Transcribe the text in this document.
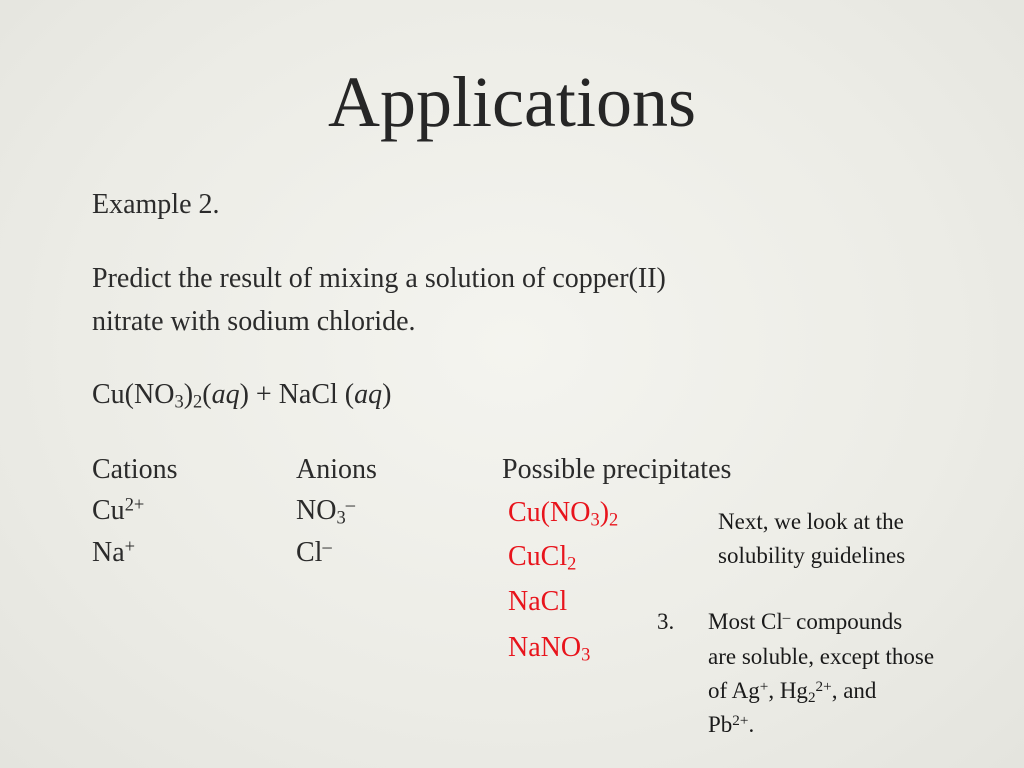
Applications
Example 2.
Predict the result of mixing a solution of copper(II)
nitrate with sodium chloride.
$Cu(NO_3)_2(aq)$ + NaCl (aq)
Cations	Anions	Possible precipitates
$Cu^{2+}$
Na+
$NO_3^-$
Cl–
$Cu(NO_3)_2$
CuCl$_2$
NaCl
NaNO$_3$
Next, we look at the
solubility guidelines
3. Most Cl– compounds
are soluble, except those
of Ag+, $Hg_2^{2+}$, and
$Pb^{2+}$.
